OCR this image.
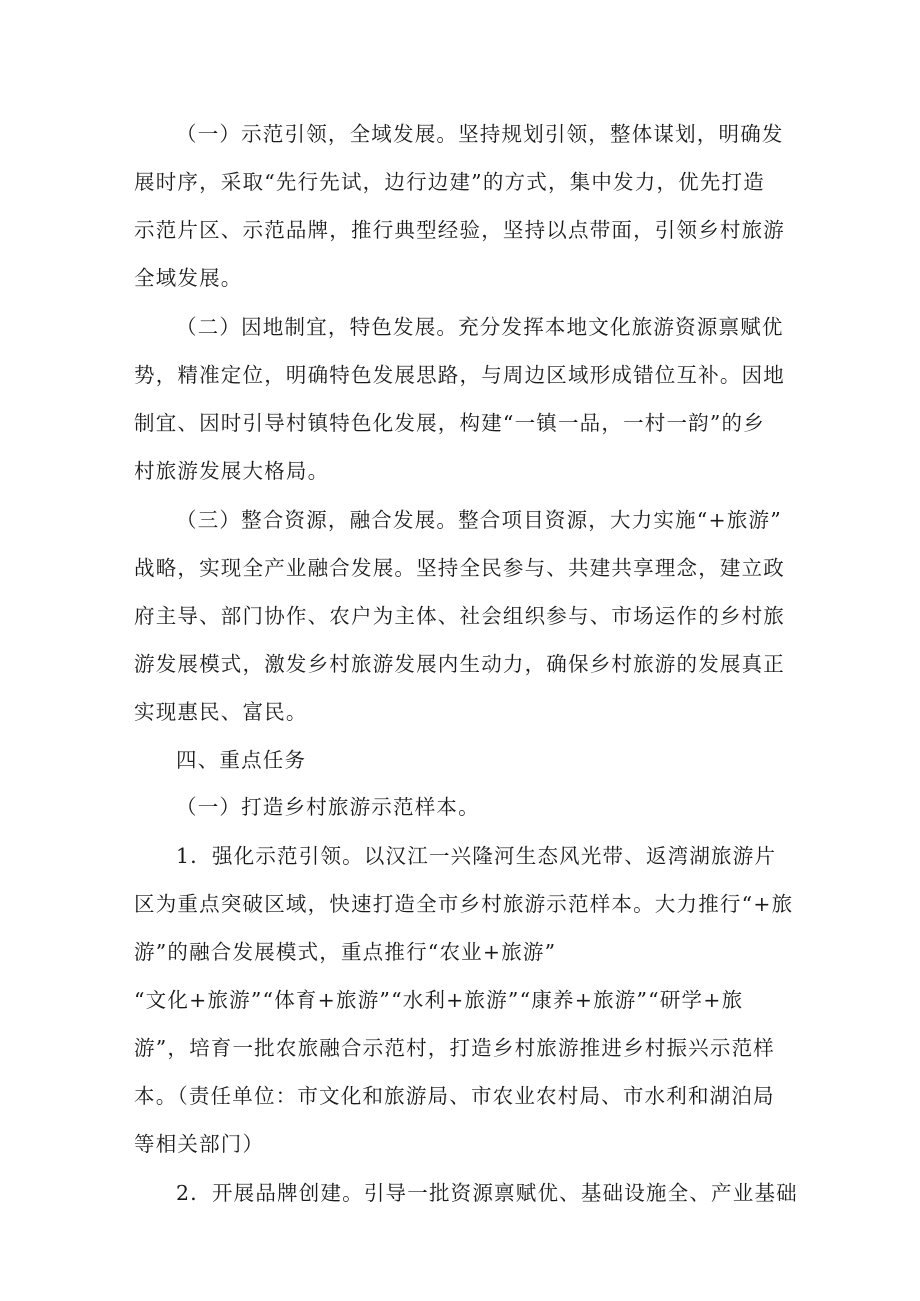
（一）示范引领，全域发展。坚持规划引领，整体谋划，明确发
展时序，采取“先行先试，边行边建”的方式，集中发力，优先打造
示范片区、示范品牌，推行典型经验，坚持以点带面，引领乡村旅游
全域发展。
（二）因地制宜，特色发展。充分发挥本地文化旅游资源禀赋优
势，精准定位，明确特色发展思路，与周边区域形成错位互补。因地
制宜、因时引导村镇特色化发展，构建“一镇一品，一村一韵”的乡
村旅游发展大格局。
（三）整合资源，融合发展。整合项目资源，大力实施“+旅游”
战略，实现全产业融合发展。坚持全民参与、共建共享理念，建立政
府主导、部门协作、农户为主体、社会组织参与、市场运作的乡村旅
游发展模式，激发乡村旅游发展内生动力，确保乡村旅游的发展真正
实现惠民、富民。
四、重点任务
（一）打造乡村旅游示范样本。
1．强化示范引领。以汉江一兴隆河生态风光带、返湾湖旅游片
区为重点突破区域，快速打造全市乡村旅游示范样本。大力推行“+旅
游”的融合发展模式，重点推行“农业+旅游”
“文化+旅游”“体育+旅游”“水利+旅游”“康养+旅游”“研学+旅
游”，培育一批农旅融合示范村，打造乡村旅游推进乡村振兴示范样
本。（责任单位：市文化和旅游局、市农业农村局、市水利和湖泊局
等相关部门）
2．开展品牌创建。引导一批资源禀赋优、基础设施全、产业基础
